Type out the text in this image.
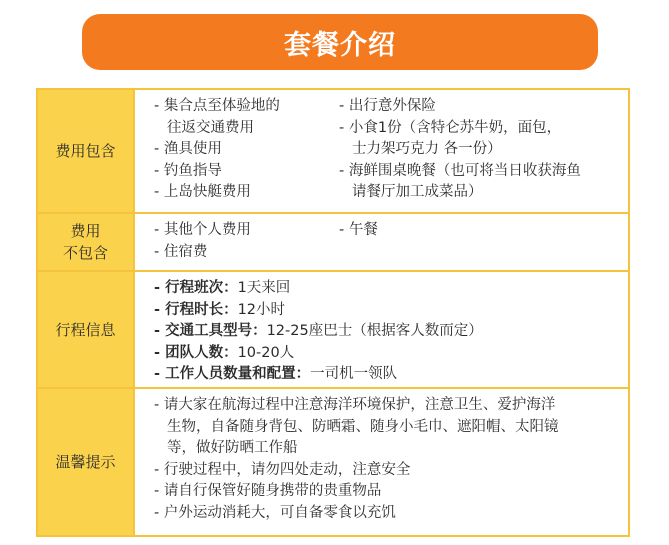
套餐介绍
费用包含
- 集合点至体验地的
往返交通费用
- 渔具使用
- 钓鱼指导
- 上岛快艇费用
- 出行意外保险
- 小食1份（含特仑苏牛奶，面包，
士力架巧克力 各一份）
- 海鲜围桌晚餐（也可将当日收获海鱼
请餐厅加工成菜品）
费用
不包含
- 其他个人费用
- 住宿费
- 午餐
行程信息
- 行程班次：1天来回
- 行程时长：12小时
- 交通工具型号：12-25座巴士（根据客人数而定）
- 团队人数：10-20人
- 工作人员数量和配置：一司机一领队
温馨提示
- 请大家在航海过程中注意海洋环境保护，注意卫生、爱护海洋
生物，自备随身背包、防晒霜、随身小毛巾、遮阳帽、太阳镜
等，做好防晒工作船
- 行驶过程中，请勿四处走动，注意安全
- 请自行保管好随身携带的贵重物品
- 户外运动消耗大，可自备零食以充饥
